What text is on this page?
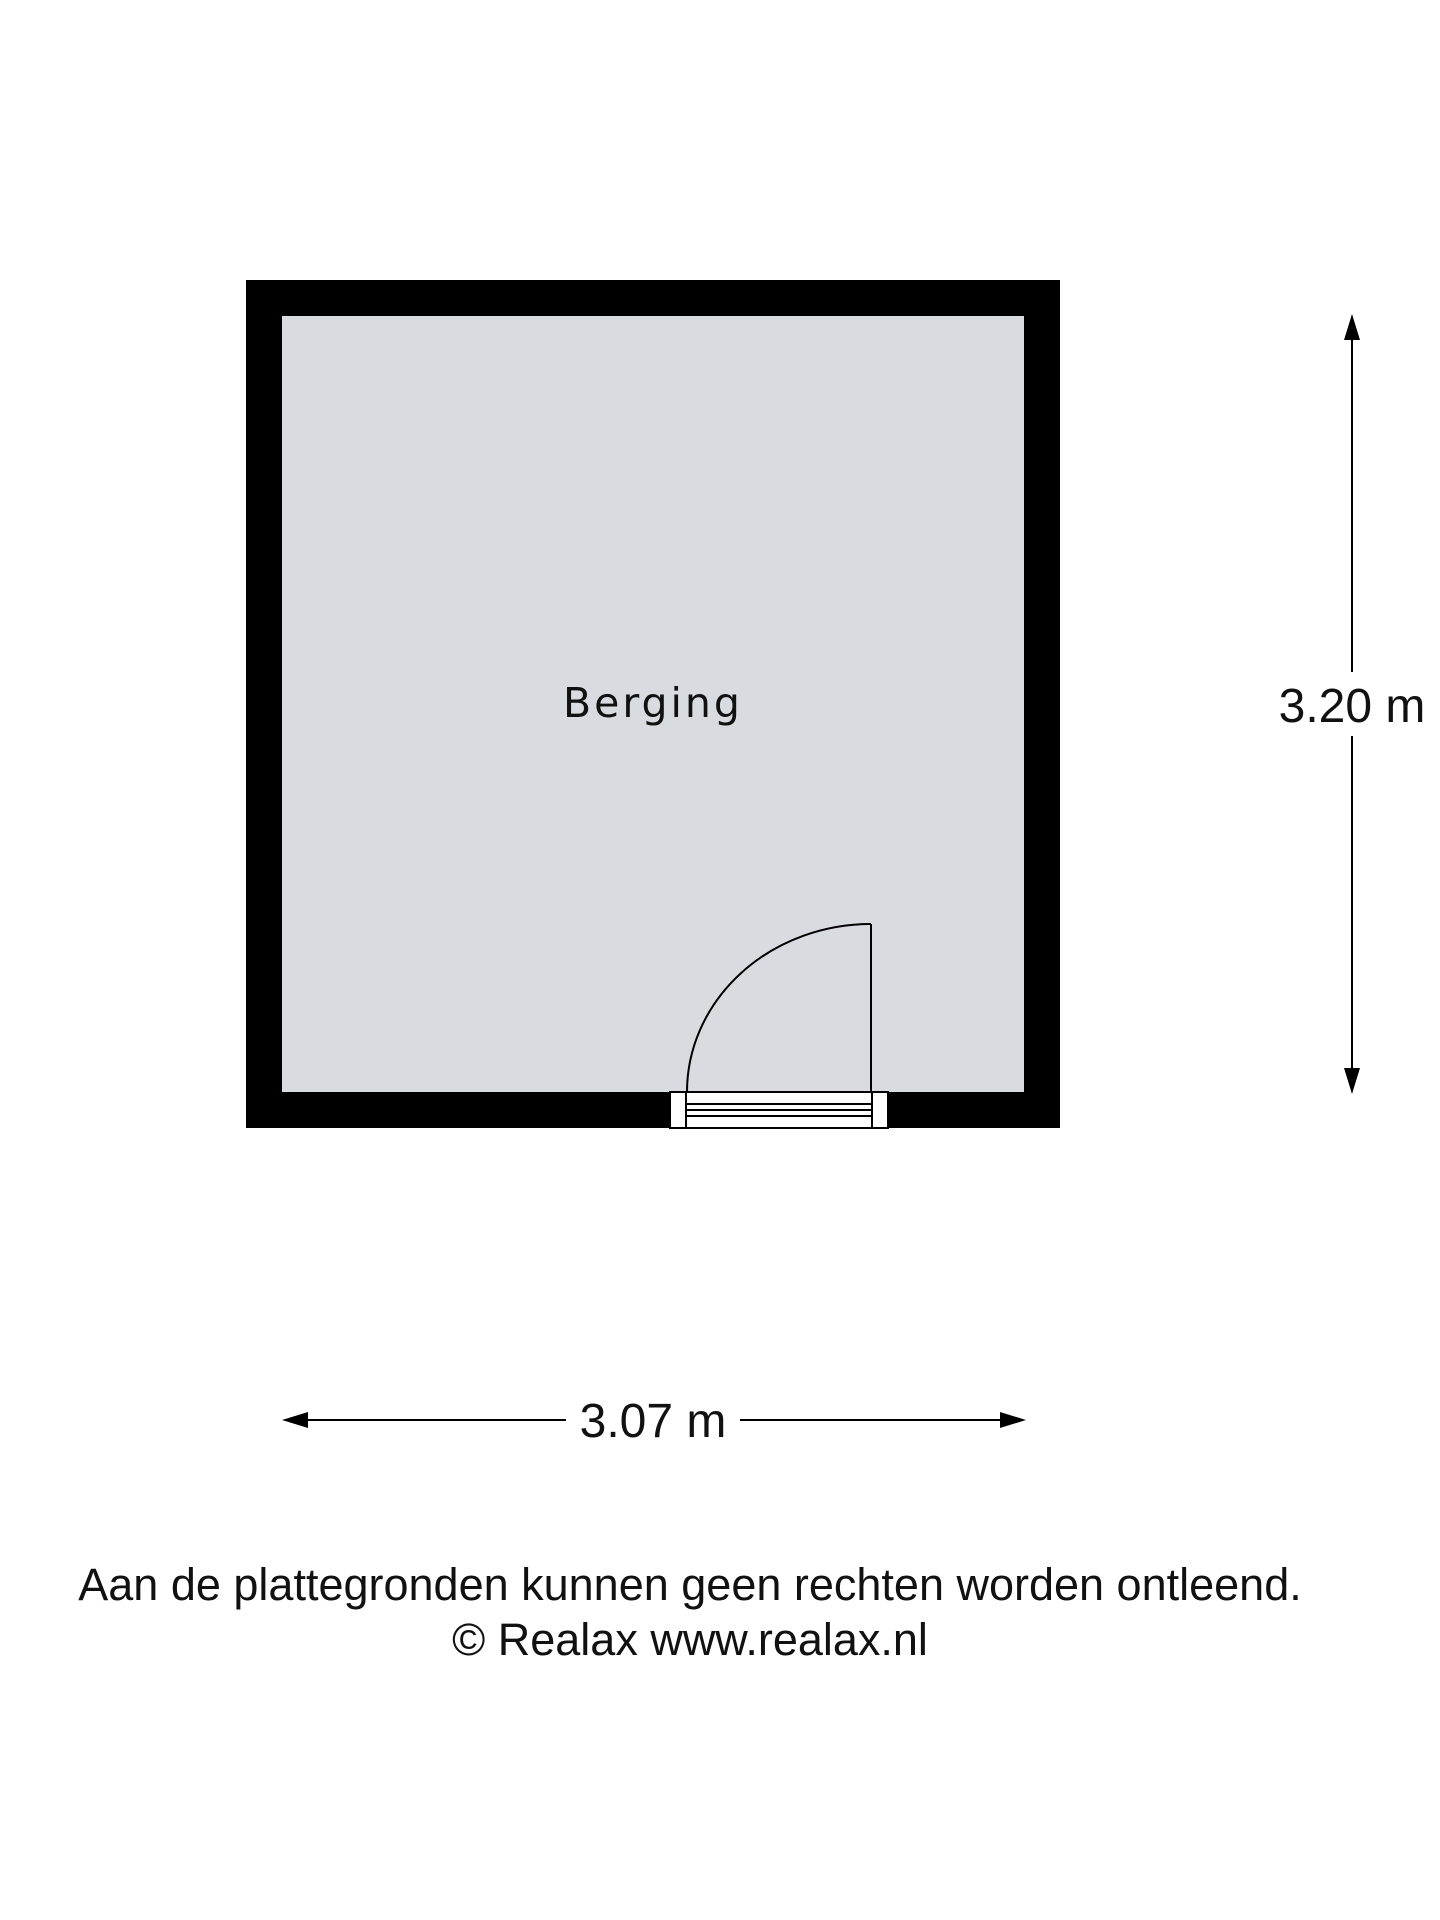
Berging	3.20 m
3.07 m
Aan de plattegronden kunnen geen rechten worden ontleend.
© Realax www.realax.nl
